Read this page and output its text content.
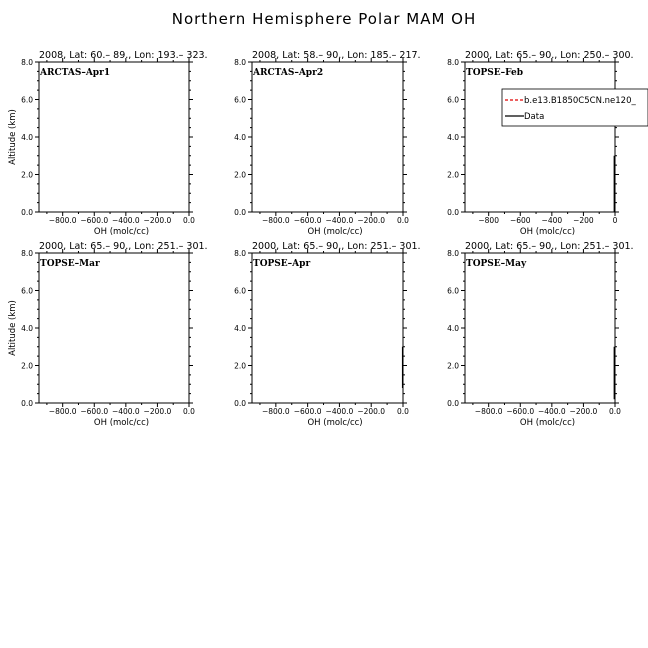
Northern Hemisphere Polar MAM OH
2008, Lat: 60.– 89., Lon: 193.– 323.
ARCTAS–Apr1
−800.0 −600.0 −400.0 −200.0 0.0
0.0
2.0
4.0
6.0
8.0
OH (molc/cc)
Altitude (km)
2008, Lat: 58.– 90., Lon: 185.– 217.
ARCTAS–Apr2
−800.0 −600.0 −400.0 −200.0 0.0
0.0
2.0
4.0
6.0
8.0
OH (molc/cc)
2000, Lat: 65.– 90., Lon: 250.– 300.
TOPSE–Feb
−800 −600 −400 −200	0
0.0
2.0
4.0
6.0
8.0
OH (molc/cc)
b.e13.B1850C5CN.ne120_
Data
2000, Lat: 65.– 90., Lon: 251.– 301.
TOPSE–Mar
−800.0 −600.0 −400.0 −200.0 0.0
0.0
2.0
4.0
6.0
8.0
OH (molc/cc)
Altitude (km)
2000, Lat: 65.– 90., Lon: 251.– 301.
TOPSE–Apr
−800.0 −600.0 −400.0 −200.0 0.0
0.0
2.0
4.0
6.0
8.0
OH (molc/cc)
2000, Lat: 65.– 90., Lon: 251.– 301.
TOPSE–May
−800.0 −600.0 −400.0 −200.0 0.0
0.0
2.0
4.0
6.0
8.0
OH (molc/cc)
